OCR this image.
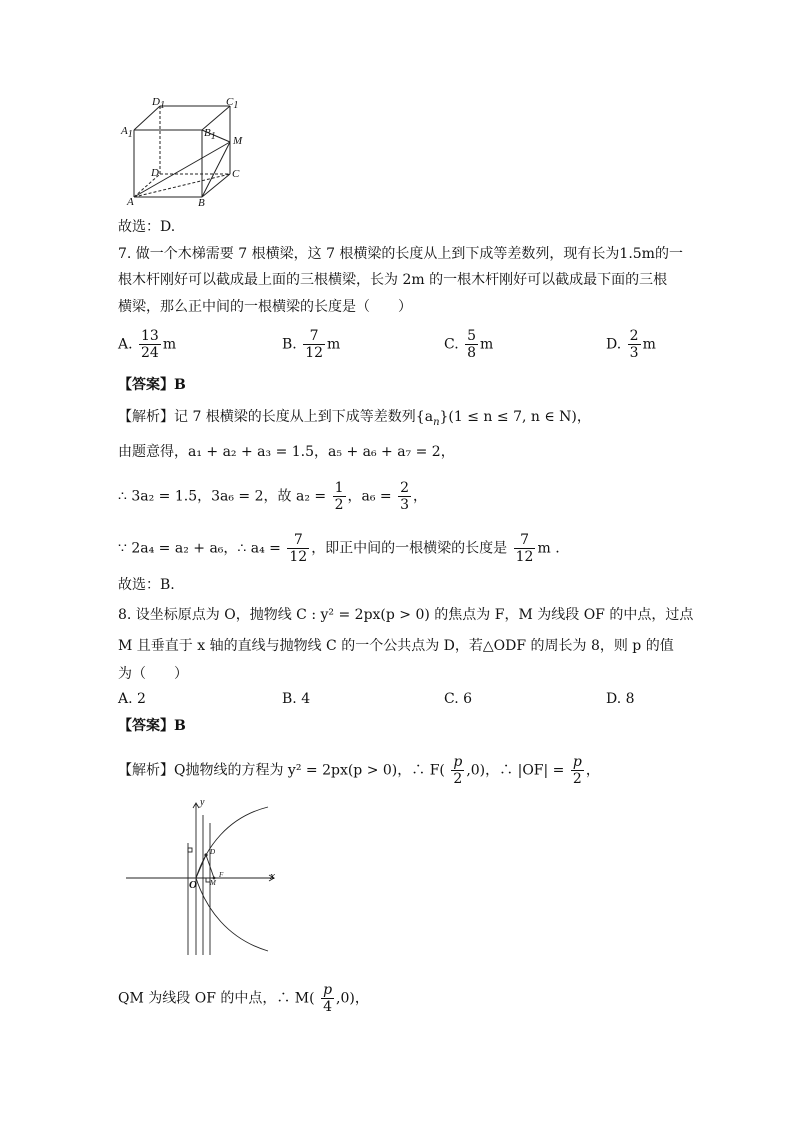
$D_1$	$C_1$
$A_1$	$B_1$ M
D	C
A	B
故选：D.
7. 做一个木梯需要 7 根横梁，这 7 根横梁的长度从上到下成等差数列，现有长为1.5m的一
根木杆刚好可以截成最上面的三根横梁，长为 2m 的一根木杆刚好可以截成最下面的三根
横梁，那么正中间的一根横梁的长度是（　　）
A. $\frac{13}{24}$ m	B. $\frac{7}{12}$ m	C. $\frac{5}{8}$ m	D. $\frac{2}{3}$ m
【答案】B
【解析】记 7 根横梁的长度从上到下成等差数列$\{a_n\}(1 \le n \le 7$, n ∈ N)，
由题意得，a₁ + a₂ + a₃ = 1.5，a₅ + a₆ + a₇ = 2，
∴ 3a₂ = 1.5，3a₆ = 2，故 $a_2 = \frac{1}{2}$ ，$a_6 = \frac{2}{3}$ ，
∵ 2a₄ = a₂ + a₆，∴ $a_4 = \frac{7}{12}$ ，即正中间的一根横梁的长度是 $\frac{7}{12}$ m .
故选：B.
8. 设坐标原点为 O，抛物线 C : y² = 2px(p > 0) 的焦点为 F，M 为线段 OF 的中点，过点
M 且垂直于 x 轴的直线与抛物线 C 的一个公共点为 D，若△ODF 的周长为 8，则 p 的值
为（　　）
A. 2	B. 4	C. 6	D. 8
【答案】B
【解析】Q抛物线的方程为 y² = 2px(p > 0)，∴ $F( \frac{p}{2} ,0)$，∴ $|OF| = \frac{p}{2}$ ，
y
x
O
D
F
M
QM 为线段 OF 的中点，∴ $M( \frac{p}{4} ,0)$，
